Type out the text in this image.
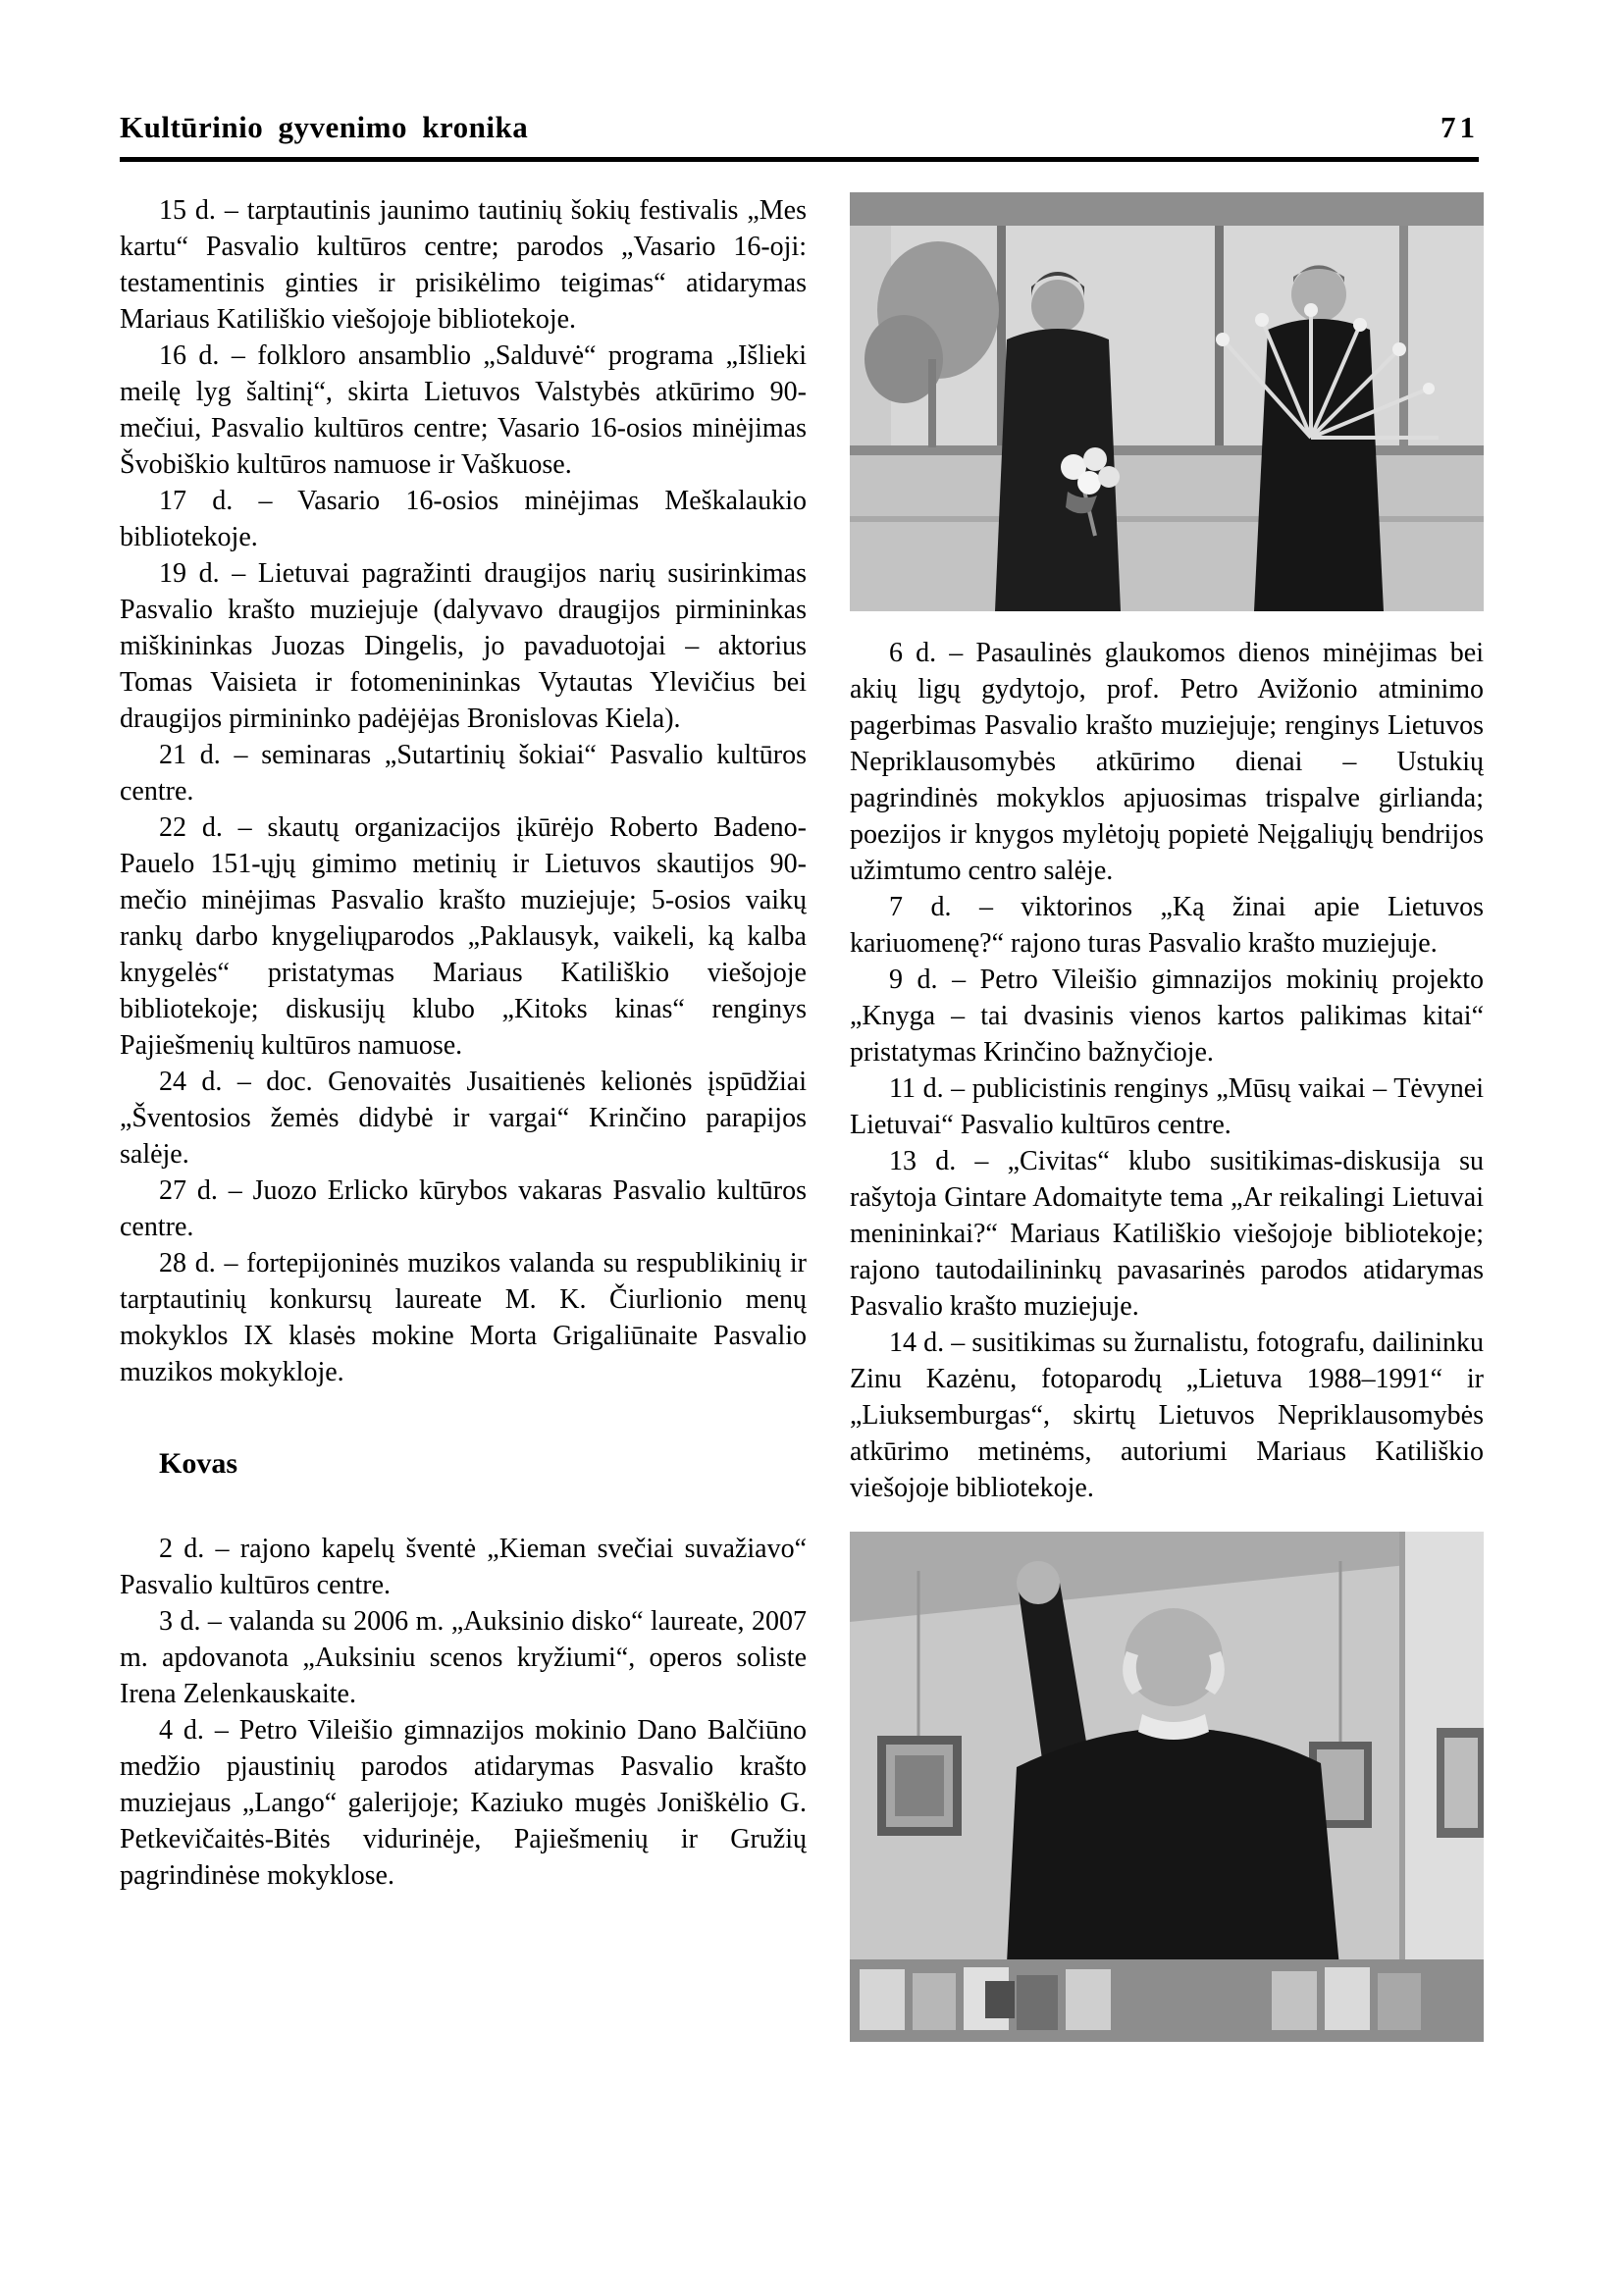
Kultūrinio gyvenimo kronika	71

15 d. – tarptautinis jaunimo tautinių šokių festivalis „Mes kartu“ Pasvalio kultūros centre; parodos „Vasario 16-oji: testamentinis ginties ir prisikėlimo teigimas“ atidarymas Mariaus Katiliškio viešojoje bibliotekoje.

16 d. – folkloro ansamblio „Salduvė“ programa „Išlieki meilę lyg šaltinį“, skirta Lietuvos Valstybės atkūrimo 90-mečiui, Pasvalio kultūros centre; Vasario 16-osios minėjimas Švobiškio kultūros namuose ir Vaškuose.

17 d. – Vasario 16-osios minėjimas Meškalaukio bibliotekoje.

19 d. – Lietuvai pagražinti draugijos narių susirinkimas Pasvalio krašto muziejuje (dalyvavo draugijos pirmininkas miškininkas Juozas Dingelis, jo pavaduotojai – aktorius Tomas Vaisieta ir fotomenininkas Vytautas Ylevičius bei draugijos pirmininko padėjėjas Bronislovas Kiela).

21 d. – seminaras „Sutartinių šokiai“ Pasvalio kultūros centre.

22 d. – skautų organizacijos įkūrėjo Roberto Badeno-Pauelo 151-ųjų gimimo metinių ir Lietuvos skautijos 90-mečio minėjimas Pasvalio krašto muziejuje; 5-osios vaikų rankų darbo knygeliųparodos „Paklausyk, vaikeli, ką kalba knygelės“ pristatymas Mariaus Katiliškio viešojoje bibliotekoje; diskusijų klubo „Kitoks kinas“ renginys Pajiešmenių kultūros namuose.

24 d. – doc. Genovaitės Jusaitienės kelionės įspūdžiai „Šventosios žemės didybė ir vargai“ Krinčino parapijos salėje.

27 d. – Juozo Erlicko kūrybos vakaras Pasvalio kultūros centre.

28 d. – fortepijoninės muzikos valanda su respublikinių ir tarptautinių konkursų laureate M. K. Čiurlionio menų mokyklos IX klasės mokine Morta Grigaliūnaite Pasvalio muzikos mokykloje.

Kovas

2 d. – rajono kapelų šventė „Kieman svečiai suvažiavo“ Pasvalio kultūros centre.

3 d. – valanda su 2006 m. „Auksinio disko“ laureate, 2007 m. apdovanota „Auksiniu scenos kryžiumi“, operos soliste Irena Zelenkauskaite.

4 d. – Petro Vileišio gimnazijos mokinio Dano Balčiūno medžio pjaustinių parodos atidarymas Pasvalio krašto muziejaus „Lango“ galerijoje; Kaziuko mugės Joniškėlio G. Petkevičaitės-Bitės vidurinėje, Pajiešmenių ir Gružių pagrindinėse mokyklose.

6 d. – Pasaulinės glaukomos dienos minėjimas bei akių ligų gydytojo, prof. Petro Avižonio atminimo pagerbimas Pasvalio krašto muziejuje; renginys Lietuvos Nepriklausomybės atkūrimo dienai – Ustukių pagrindinės mokyklos apjuosimas trispalve girlianda; poezijos ir knygos mylėtojų popietė Neįgaliųjų bendrijos užimtumo centro salėje.

7 d. – viktorinos „Ką žinai apie Lietuvos kariuomenę?“ rajono turas Pasvalio krašto muziejuje.

9 d. – Petro Vileišio gimnazijos mokinių projekto „Knyga – tai dvasinis vienos kartos palikimas kitai“ pristatymas Krinčino bažnyčioje.

11 d. – publicistinis renginys „Mūsų vaikai – Tėvynei Lietuvai“ Pasvalio kultūros centre.

13 d. – „Civitas“ klubo susitikimas-diskusija su rašytoja Gintare Adomaityte tema „Ar reikalingi Lietuvai menininkai?“ Mariaus Katiliškio viešojoje bibliotekoje; rajono tautodailininkų pavasarinės parodos atidarymas Pasvalio krašto muziejuje.

14 d. – susitikimas su žurnalistu, fotografu, dailininku Zinu Kazėnu, fotoparodų „Lietuva 1988–1991“ ir „Liuksemburgas“, skirtų Lietuvos Nepriklausomybės atkūrimo metinėms, autoriumi Mariaus Katiliškio viešojoje bibliotekoje.
